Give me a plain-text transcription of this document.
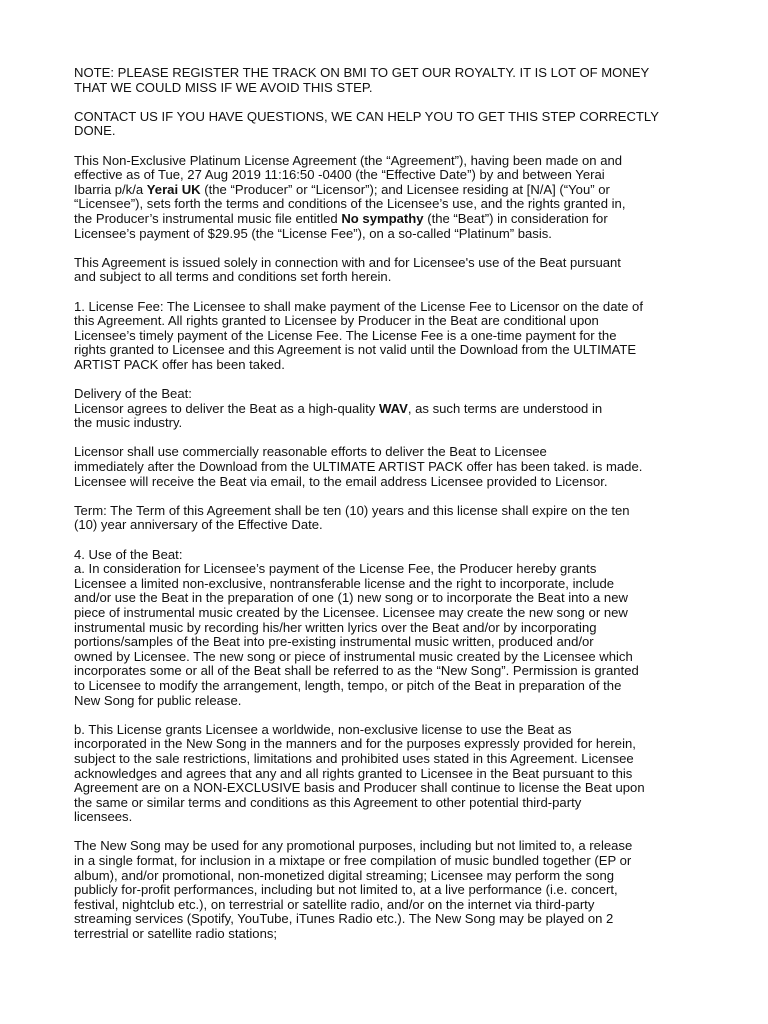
NOTE: PLEASE REGISTER THE TRACK ON BMI TO GET OUR ROYALTY. IT IS LOT OF MONEY
THAT WE COULD MISS IF WE AVOID THIS STEP.

CONTACT US IF YOU HAVE QUESTIONS, WE CAN HELP YOU TO GET THIS STEP CORRECTLY
DONE.

This Non-Exclusive Platinum License Agreement (the “Agreement”), having been made on and
effective as of Tue, 27 Aug 2019 11:16:50 -0400 (the “Effective Date”) by and between Yerai
Ibarria p/k/a Yerai UK (the “Producer” or “Licensor”); and Licensee residing at [N/A] (“You” or
“Licensee”), sets forth the terms and conditions of the Licensee’s use, and the rights granted in,
the Producer’s instrumental music file entitled No sympathy (the “Beat”) in consideration for
Licensee’s payment of $29.95 (the “License Fee”), on a so-called “Platinum” basis.

This Agreement is issued solely in connection with and for Licensee's use of the Beat pursuant
and subject to all terms and conditions set forth herein.

1. License Fee: The Licensee to shall make payment of the License Fee to Licensor on the date of
this Agreement. All rights granted to Licensee by Producer in the Beat are conditional upon
Licensee’s timely payment of the License Fee. The License Fee is a one-time payment for the
rights granted to Licensee and this Agreement is not valid until the Download from the ULTIMATE
ARTIST PACK offer has been taked.

Delivery of the Beat:
Licensor agrees to deliver the Beat as a high-quality WAV, as such terms are understood in
the music industry.

Licensor shall use commercially reasonable efforts to deliver the Beat to Licensee
immediately after the Download from the ULTIMATE ARTIST PACK offer has been taked. is made.
Licensee will receive the Beat via email, to the email address Licensee provided to Licensor.

Term: The Term of this Agreement shall be ten (10) years and this license shall expire on the ten
(10) year anniversary of the Effective Date.

4. Use of the Beat:
a. In consideration for Licensee’s payment of the License Fee, the Producer hereby grants
Licensee a limited non-exclusive, nontransferable license and the right to incorporate, include
and/or use the Beat in the preparation of one (1) new song or to incorporate the Beat into a new
piece of instrumental music created by the Licensee. Licensee may create the new song or new
instrumental music by recording his/her written lyrics over the Beat and/or by incorporating
portions/samples of the Beat into pre-existing instrumental music written, produced and/or
owned by Licensee. The new song or piece of instrumental music created by the Licensee which
incorporates some or all of the Beat shall be referred to as the “New Song”. Permission is granted
to Licensee to modify the arrangement, length, tempo, or pitch of the Beat in preparation of the
New Song for public release.

b. This License grants Licensee a worldwide, non-exclusive license to use the Beat as
incorporated in the New Song in the manners and for the purposes expressly provided for herein,
subject to the sale restrictions, limitations and prohibited uses stated in this Agreement. Licensee
acknowledges and agrees that any and all rights granted to Licensee in the Beat pursuant to this
Agreement are on a NON-EXCLUSIVE basis and Producer shall continue to license the Beat upon
the same or similar terms and conditions as this Agreement to other potential third-party
licensees.

The New Song may be used for any promotional purposes, including but not limited to, a release
in a single format, for inclusion in a mixtape or free compilation of music bundled together (EP or
album), and/or promotional, non-monetized digital streaming; Licensee may perform the song
publicly for-profit performances, including but not limited to, at a live performance (i.e. concert,
festival, nightclub etc.), on terrestrial or satellite radio, and/or on the internet via third-party
streaming services (Spotify, YouTube, iTunes Radio etc.). The New Song may be played on 2
terrestrial or satellite radio stations;
